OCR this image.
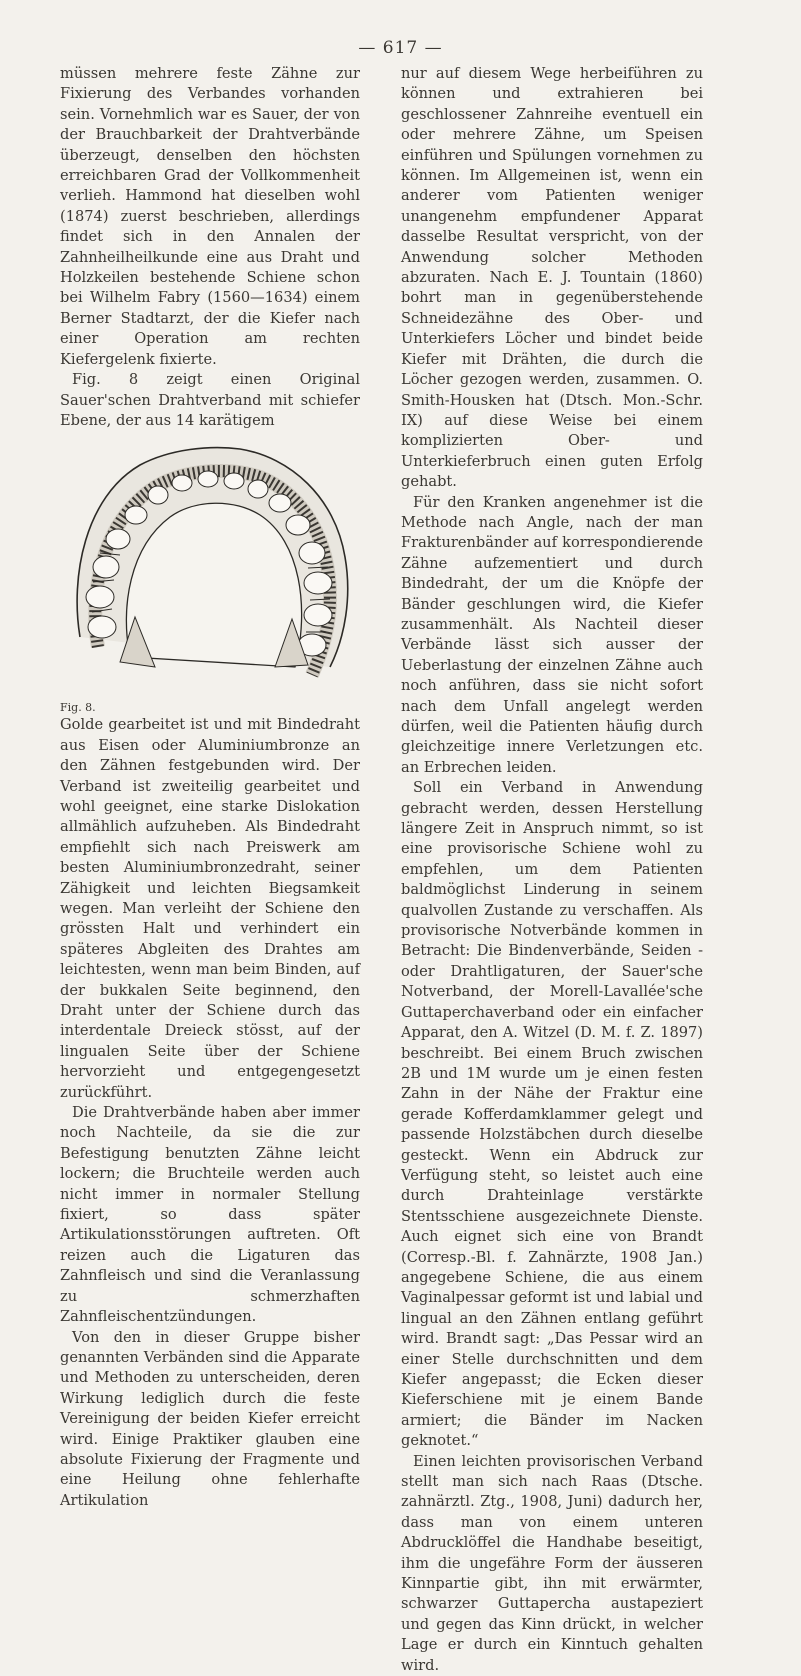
— 617 —

müssen mehrere feste Zähne zur Fixierung des Verbandes vorhanden sein. Vornehmlich war es Sauer, der von der Brauchbarkeit der Drahtverbände überzeugt, denselben den höchsten erreichbaren Grad der Vollkommenheit verlieh. Hammond hat dieselben wohl (1874) zuerst beschrieben, allerdings findet sich in den Annalen der Zahnheilheilkunde eine aus Draht und Holzkeilen bestehende Schiene schon bei Wilhelm Fabry (1560—1634) einem Berner Stadtarzt, der die Kiefer nach einer Operation am rechten Kiefergelenk fixierte.

Fig. 8 zeigt einen Original Sauer'schen Drahtverband mit schiefer Ebene, der aus 14 karätigem

Fig. 8.

Golde gearbeitet ist und mit Bindedraht aus Eisen oder Aluminiumbronze an den Zähnen festgebunden wird. Der Verband ist zweiteilig gearbeitet und wohl geeignet, eine starke Dislokation allmählich aufzuheben. Als Bindedraht empfiehlt sich nach Preiswerk am besten Aluminiumbronzedraht, seiner Zähigkeit und leichten Biegsamkeit wegen. Man verleiht der Schiene den grössten Halt und verhindert ein späteres Abgleiten des Drahtes am leichtesten, wenn man beim Binden, auf der bukkalen Seite beginnend, den Draht unter der Schiene durch das interdentale Dreieck stösst, auf der lingualen Seite über der Schiene hervorzieht und entgegengesetzt zurückführt.

Die Drahtverbände haben aber immer noch Nachteile, da sie die zur Befestigung benutzten Zähne leicht lockern; die Bruchteile werden auch nicht immer in normaler Stellung fixiert, so dass später Artikulationsstörungen auftreten. Oft reizen auch die Ligaturen das Zahnfleisch und sind die Veranlassung zu schmerzhaften Zahnfleischentzündungen.

Von den in dieser Gruppe bisher genannten Verbänden sind die Apparate und Methoden zu unterscheiden, deren Wirkung lediglich durch die feste Vereinigung der beiden Kiefer erreicht wird. Einige Praktiker glauben eine absolute Fixierung der Fragmente und eine Heilung ohne fehlerhafte Artikulation

nur auf diesem Wege herbeiführen zu können und extrahieren bei geschlossener Zahnreihe eventuell ein oder mehrere Zähne, um Speisen einführen und Spülungen vornehmen zu können. Im Allgemeinen ist, wenn ein anderer vom Patienten weniger unangenehm empfundener Apparat dasselbe Resultat verspricht, von der Anwendung solcher Methoden abzuraten. Nach E. J. Tountain (1860) bohrt man in gegenüberstehende Schneidezähne des Ober- und Unterkiefers Löcher und bindet beide Kiefer mit Drähten, die durch die Löcher gezogen werden, zusammen. O. Smith-Housken hat (Dtsch. Mon.-Schr. IX) auf diese Weise bei einem komplizierten Ober- und Unterkieferbruch einen guten Erfolg gehabt.

Für den Kranken angenehmer ist die Methode nach Angle, nach der man Frakturenbänder auf korrespondierende Zähne aufzementiert und durch Bindedraht, der um die Knöpfe der Bänder geschlungen wird, die Kiefer zusammenhält. Als Nachteil dieser Verbände lässt sich ausser der Ueberlastung der einzelnen Zähne auch noch anführen, dass sie nicht sofort nach dem Unfall angelegt werden dürfen, weil die Patienten häufig durch gleichzeitige innere Verletzungen etc. an Erbrechen leiden.

Soll ein Verband in Anwendung gebracht werden, dessen Herstellung längere Zeit in Anspruch nimmt, so ist eine provisorische Schiene wohl zu empfehlen, um dem Patienten baldmöglichst Linderung in seinem qualvollen Zustande zu verschaffen. Als provisorische Notverbände kommen in Betracht: Die Bindenverbände, Seiden -oder Drahtligaturen, der Sauer'sche Notverband, der Morell-Lavallée'sche Guttaperchaverband oder ein einfacher Apparat, den A. Witzel (D. M. f. Z. 1897) beschreibt. Bei einem Bruch zwischen 2B und 1M wurde um je einen festen Zahn in der Nähe der Fraktur eine gerade Kofferdamklammer gelegt und passende Holzstäbchen durch dieselbe gesteckt. Wenn ein Abdruck zur Verfügung steht, so leistet auch eine durch Drahteinlage verstärkte Stentsschiene ausgezeichnete Dienste. Auch eignet sich eine von Brandt (Corresp.-Bl. f. Zahnärzte, 1908 Jan.) angegebene Schiene, die aus einem Vaginalpessar geformt ist und labial und lingual an den Zähnen entlang geführt wird. Brandt sagt: „Das Pessar wird an einer Stelle durchschnitten und dem Kiefer angepasst; die Ecken dieser Kieferschiene mit je einem Bande armiert; die Bänder im Nacken geknotet.“

Einen leichten provisorischen Verband stellt man sich nach Raas (Dtsche. zahnärztl. Ztg., 1908, Juni) dadurch her, dass man von einem unteren Abdrucklöffel die Handhabe beseitigt, ihm die ungefähre Form der äusseren Kinnpartie gibt, ihn mit erwärmter, schwarzer Guttapercha austapeziert und gegen das Kinn drückt, in welcher Lage er durch ein Kinntuch gehalten wird.
